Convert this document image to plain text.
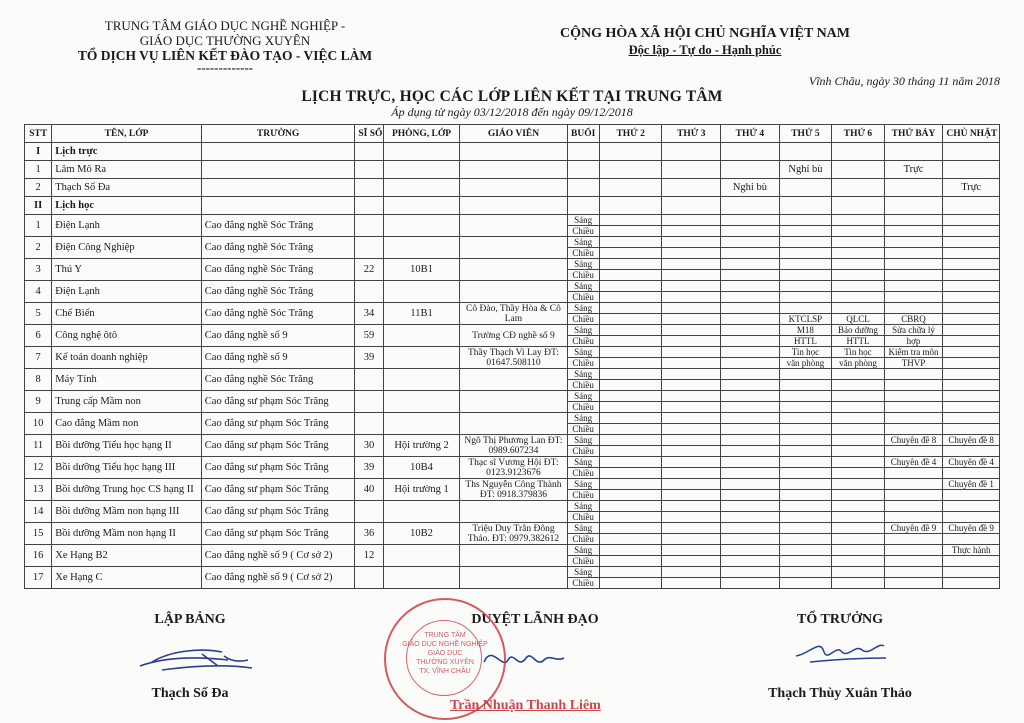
TRUNG TÂM GIÁO DỤC NGHỀ NGHIỆP -
GIÁO DỤC THƯỜNG XUYÊN
TỔ DỊCH VỤ LIÊN KẾT ĐÀO TẠO - VIỆC LÀM
-------------
CỘNG HÒA XÃ HỘI CHỦ NGHĨA VIỆT NAM
Độc lập - Tự do - Hạnh phúc
Vĩnh Châu, ngày 30 tháng 11 năm 2018
LỊCH TRỰC, HỌC CÁC LỚP LIÊN KẾT TẠI TRUNG TÂM
Áp dụng từ ngày 03/12/2018 đến ngày 09/12/2018
STT	TÊN, LỚP	TRƯỜNG	SĨ SỐ	PHÒNG, LỚP	GIÁO VIÊN	BUỔI	THỨ 2	THỨ 3	THỨ 4	THỨ 5	THỨ 6	THỨ BẢY	CHỦ NHẬT
I	Lịch trực												
1	Lâm Mô Ra									Nghỉ bù		Trực	
2	Thạch Số Đa								Nghỉ bù				Trực
II	Lịch học												
1	Điện Lạnh	Cao đẳng nghề Sóc Trăng				Sáng							
						Chiều							
2	Điện Công Nghiệp	Cao đẳng nghề Sóc Trăng				Sáng							
						Chiều							
3	Thú Y	Cao đẳng nghề Sóc Trăng	22	10B1		Sáng							
						Chiều							
4	Điện Lạnh	Cao đẳng nghề Sóc Trăng				Sáng							
						Chiều							
5	Chế Biến	Cao đẳng nghề Sóc Trăng	34	11B1	Cô Đào, Thầy Hòa & Cô Lam	Sáng							
						Chiều				KTCLSP	QLCL	CBRQ	
6	Công nghệ ôtô	Cao đẳng nghề số 9	59		Trường CĐ nghề số 9	Sáng				M18	Bảo dưỡng	Sửa chữa lý	
						Chiều				HTTL	HTTL	hợp	
7	Kế toán doanh nghiệp	Cao đẳng nghề số 9	39		Thầy Thạch Vi Lay ĐT: 01647.508110	Sáng				Tin học	Tin học	Kiểm tra môn	
						Chiều				văn phòng	văn phòng	THVP	
8	Máy Tính	Cao đẳng nghề Sóc Trăng				Sáng							
						Chiều							
9	Trung cấp Mầm non	Cao đẳng sư phạm Sóc Trăng				Sáng							
						Chiều							
10	Cao đẳng Mầm non	Cao đẳng sư phạm Sóc Trăng				Sáng							
						Chiều							
11	Bồi dưỡng Tiểu học hạng II	Cao đẳng sư phạm Sóc Trăng	30	Hội trường 2	Ngô Thị Phương Lan ĐT: 0989.607234	Sáng						Chuyên đề 8	Chuyên đề 8
						Chiều							
12	Bồi dưỡng Tiểu học hạng III	Cao đẳng sư phạm Sóc Trăng	39	10B4	Thạc sĩ Vương Hội ĐT: 0123.9123676	Sáng						Chuyên đề 4	Chuyên đề 4
						Chiều							
13	Bồi dưỡng Trung học CS hạng II	Cao đẳng sư phạm Sóc Trăng	40	Hội trường 1	Ths Nguyễn Công Thành ĐT: 0918.379836	Sáng							Chuyên đề 1
						Chiều							
14	Bồi dưỡng Mầm non hạng III	Cao đẳng sư phạm Sóc Trăng				Sáng							
						Chiều							
15	Bồi dưỡng Mầm non hạng II	Cao đẳng sư phạm Sóc Trăng	36	10B2	Triệu Duy Trân Đông Thảo. ĐT: 0979.382612	Sáng						Chuyên đề 9	Chuyên đề 9
						Chiều							
16	Xe Hạng B2	Cao đẳng nghề số 9 ( Cơ sở 2)	12			Sáng							Thực hành
						Chiều							
17	Xe Hạng C	Cao đẳng nghề số 9 ( Cơ sở 2)				Sáng							
						Chiều							
LẬP BẢNG
Thạch Số Đa
DUYỆT LÃNH ĐẠO
TRUNG TÂM
GIÁO DỤC NGHỀ NGHIỆP
GIÁO DỤC
THƯỜNG XUYÊN
TX. VĨNH CHÂU
Trần Nhuận Thanh Liêm
TỔ TRƯỞNG
Thạch Thùy Xuân Thảo
